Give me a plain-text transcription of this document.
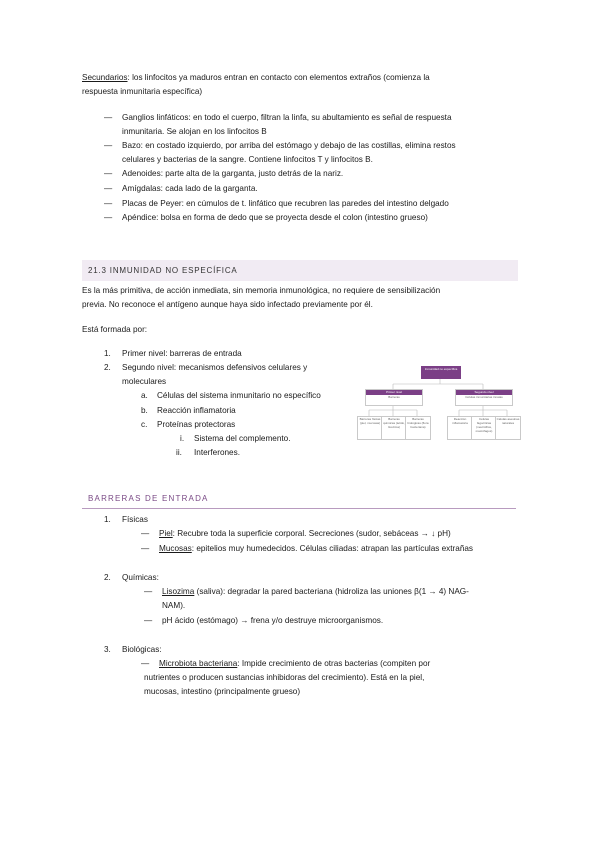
Secundarios: los linfocitos ya maduros entran en contacto con elementos extraños (comienza la
respuesta inmunitaria específica)
— Ganglios linfáticos: en todo el cuerpo, filtran la linfa, su abultamiento es señal de respuesta
inmunitaria. Se alojan en los linfocitos B
— Bazo: en costado izquierdo, por arriba del estómago y debajo de las costillas, elimina restos
celulares y bacterias de la sangre. Contiene linfocitos T y linfocitos B.
— Adenoides: parte alta de la garganta, justo detrás de la nariz.
— Amígdalas: cada lado de la garganta.
— Placas de Peyer: en cúmulos de t. linfático que recubren las paredes del intestino delgado
— Apéndice: bolsa en forma de dedo que se proyecta desde el colon (intestino grueso)
21.3 INMUNIDAD NO ESPECÍFICA
Es la más primitiva, de acción inmediata, sin memoria inmunológica, no requiere de sensibilización
previa. No reconoce el antígeno aunque haya sido infectado previamente por él.
Está formada por:
1.	Primer nivel: barreras de entrada
2.	Segundo nivel: mecanismos defensivos celulares y
moleculares
a.	Células del sistema inmunitario no específico
b.	Reacción inflamatoria
c.	Proteínas protectoras
i.	Sistema del complemento.
ii.	Interferones.
Inmunidad no específica
Primer nivel
Barreras
Segundo nivel
Células inmunitarias innatas
Barreras físicas (piel, mucosas)
Barreras químicas (ácido, lisozima)
Barreras biológicas (flora bacteriana)
Reacción inflamatoria
Células fagocíticas (neutrófilos, macrófagos)
Células asesinas naturales
BARRERAS DE ENTRADA
1.	Físicas
— Piel: Recubre toda la superficie corporal. Secreciones (sudor, sebáceas → ↓ pH)
— Mucosas: epitelios muy humedecidos. Células ciliadas: atrapan las partículas extrañas
2.	Químicas:
— Lisozima (saliva): degradar la pared bacteriana (hidroliza las uniones β(1 → 4) NAG-
NAM).
— pH ácido (estómago) → frena y/o destruye microorganismos.
3.	Biológicas:
— Microbiota bacteriana: Impide crecimiento de otras bacterias (compiten por
nutrientes o producen sustancias inhibidoras del crecimiento). Está en la piel,
mucosas, intestino (principalmente grueso)
